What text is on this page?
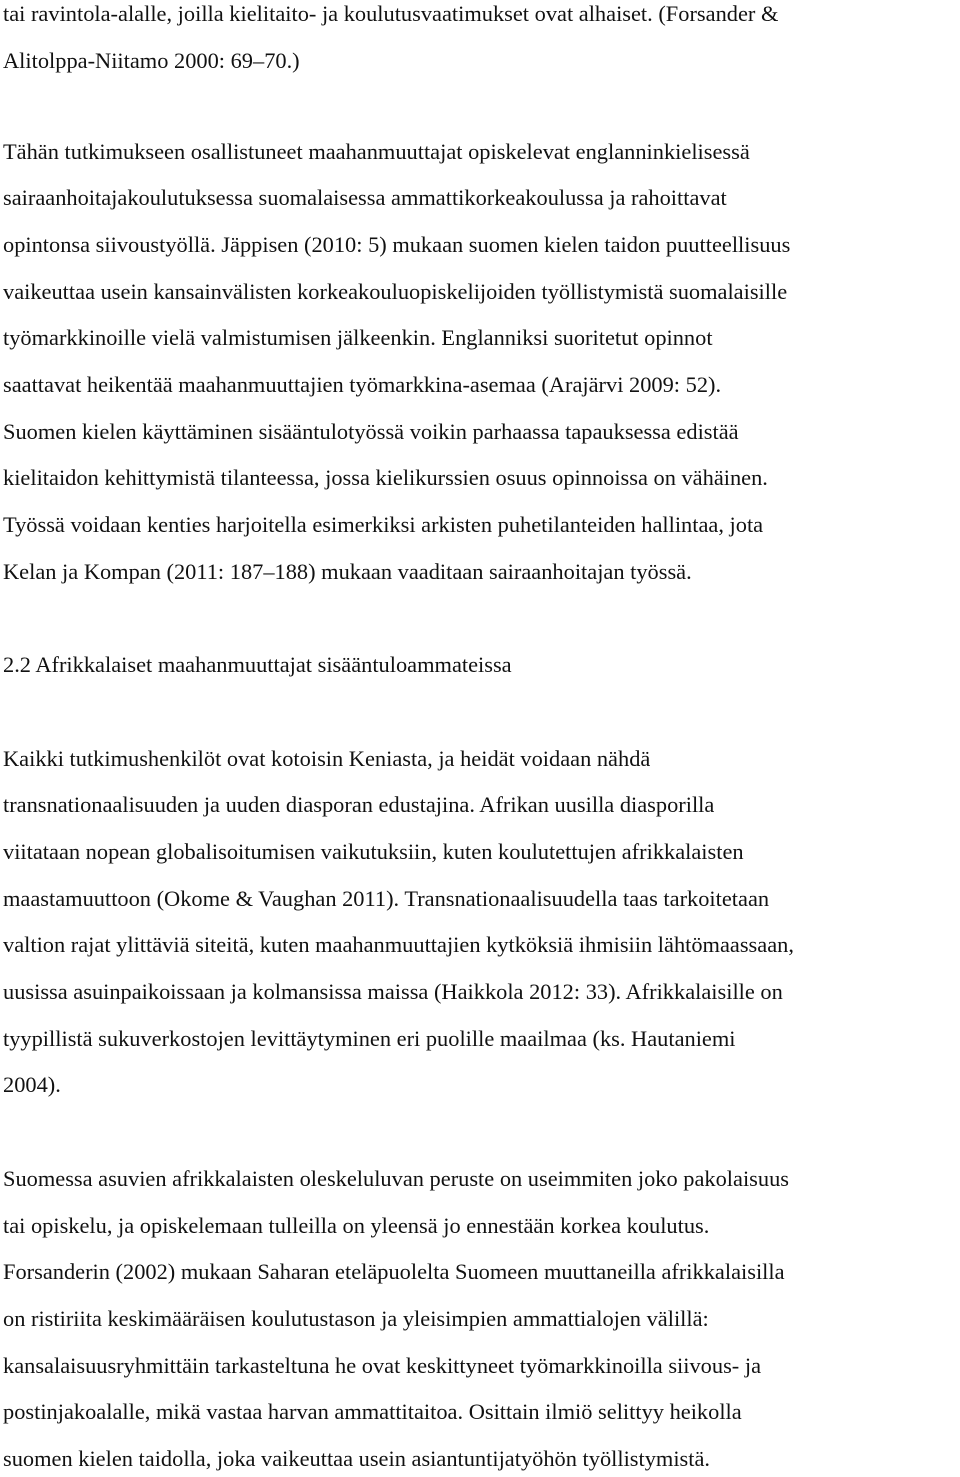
tai ravintola-alalle, joilla kielitaito- ja koulutusvaatimukset ovat alhaiset. (Forsander &
Alitolppa-Niitamo 2000: 69–70.)
Tähän tutkimukseen osallistuneet maahanmuuttajat opiskelevat englanninkielisessä
sairaanhoitajakoulutuksessa suomalaisessa ammattikorkeakoulussa ja rahoittavat
opintonsa siivoustyöllä. Jäppisen (2010: 5) mukaan suomen kielen taidon puutteellisuus
vaikeuttaa usein kansainvälisten korkeakouluopiskelijoiden työllistymistä suomalaisille
työmarkkinoille vielä valmistumisen jälkeenkin. Englanniksi suoritetut opinnot
saattavat heikentää maahanmuuttajien työmarkkina-asemaa (Arajärvi 2009: 52).
Suomen kielen käyttäminen sisääntulotyössä voikin parhaassa tapauksessa edistää
kielitaidon kehittymistä tilanteessa, jossa kielikurssien osuus opinnoissa on vähäinen.
Työssä voidaan kenties harjoitella esimerkiksi arkisten puhetilanteiden hallintaa, jota
Kelan ja Kompan (2011: 187–188) mukaan vaaditaan sairaanhoitajan työssä.
2.2 Afrikkalaiset maahanmuuttajat sisääntuloammateissa
Kaikki tutkimushenkilöt ovat kotoisin Keniasta, ja heidät voidaan nähdä
transnationaalisuuden ja uuden diasporan edustajina. Afrikan uusilla diasporilla
viitataan nopean globalisoitumisen vaikutuksiin, kuten koulutettujen afrikkalaisten
maastamuuttoon (Okome & Vaughan 2011). Transnationaalisuudella taas tarkoitetaan
valtion rajat ylittäviä siteitä, kuten maahanmuuttajien kytköksiä ihmisiin lähtömaassaan,
uusissa asuinpaikoissaan ja kolmansissa maissa (Haikkola 2012: 33). Afrikkalaisille on
tyypillistä sukuverkostojen levittäytyminen eri puolille maailmaa (ks. Hautaniemi
2004).
Suomessa asuvien afrikkalaisten oleskeluluvan peruste on useimmiten joko pakolaisuus
tai opiskelu, ja opiskelemaan tulleilla on yleensä jo ennestään korkea koulutus.
Forsanderin (2002) mukaan Saharan eteläpuolelta Suomeen muuttaneilla afrikkalaisilla
on ristiriita keskimääräisen koulutustason ja yleisimpien ammattialojen välillä:
kansalaisuusryhmittäin tarkasteltuna he ovat keskittyneet työmarkkinoilla siivous- ja
postinjakoalalle, mikä vastaa harvan ammattitaitoa. Osittain ilmiö selittyy heikolla
suomen kielen taidolla, joka vaikeuttaa usein asiantuntijatyöhön työllistymistä.
